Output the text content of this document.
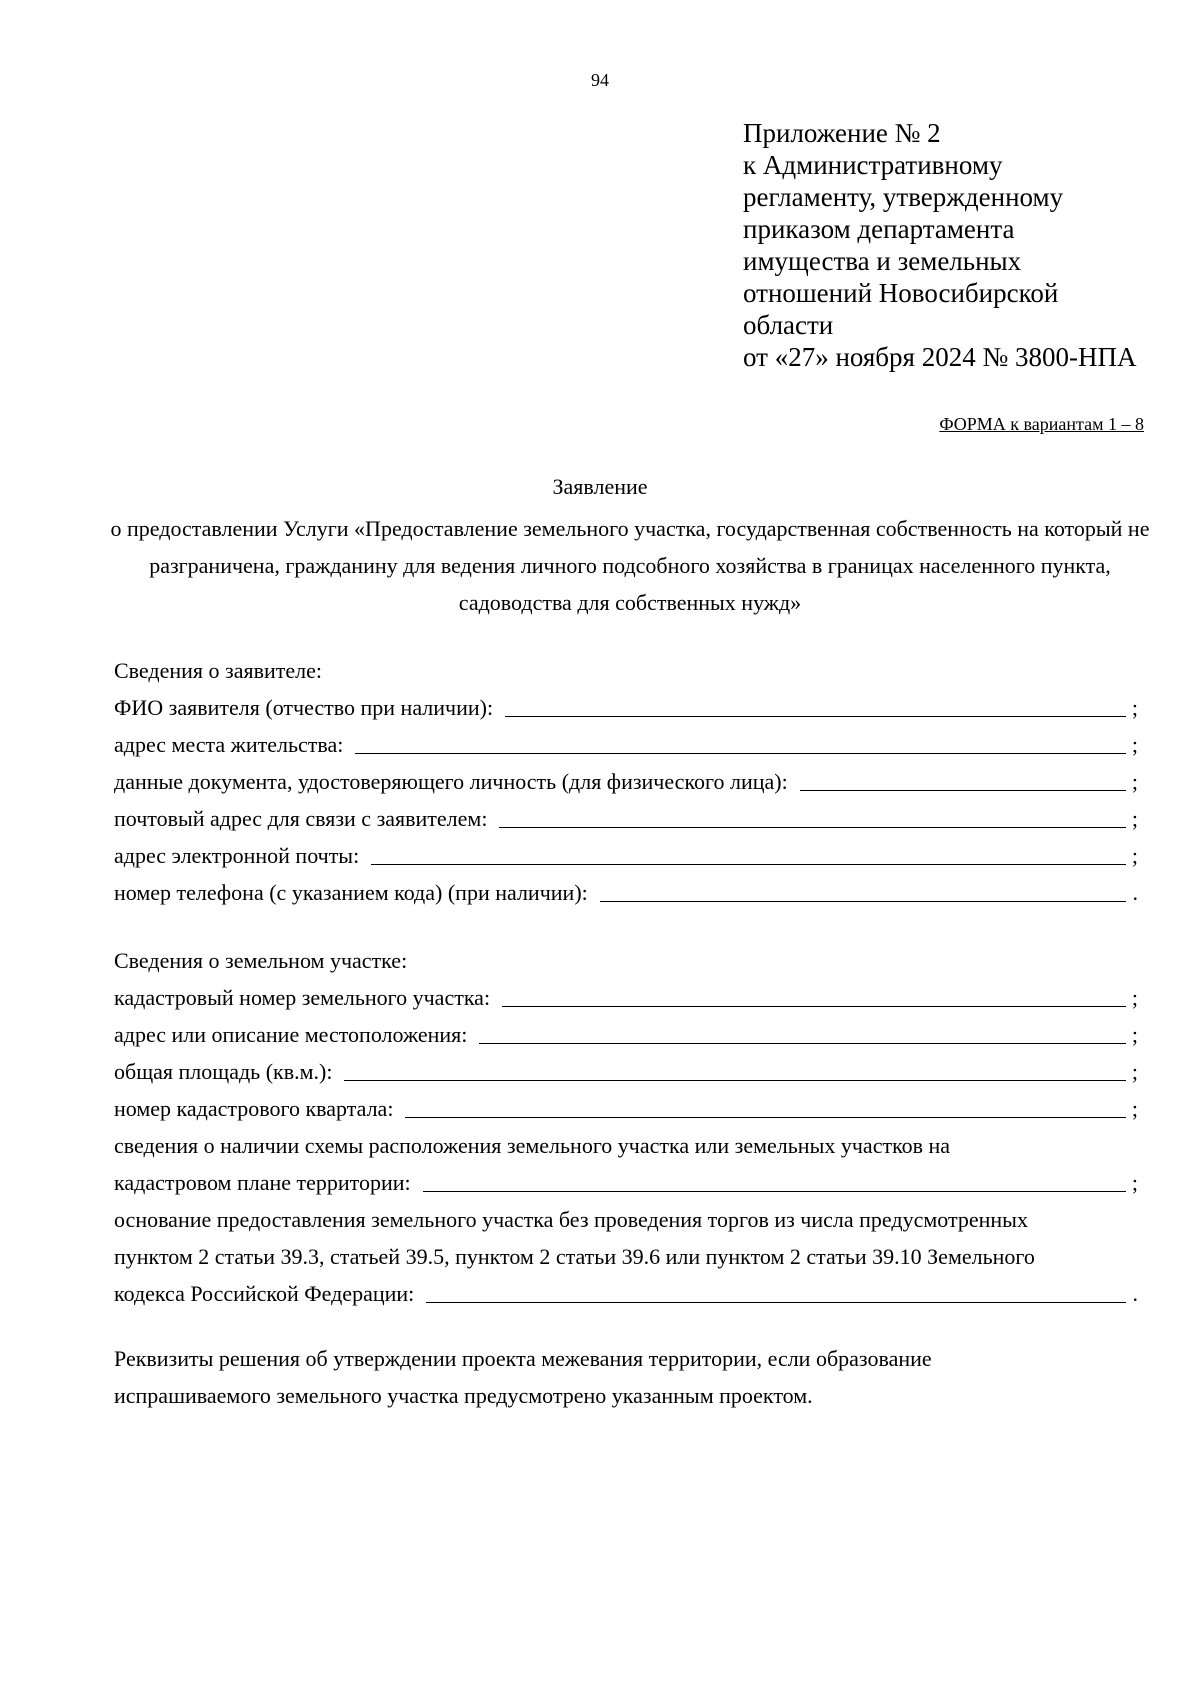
94
Приложение № 2
к Административному
регламенту, утвержденному
приказом департамента
имущества и земельных
отношений Новосибирской
области
от «27» ноября 2024 № 3800-НПА
ФОРМА к вариантам 1 – 8
Заявление
о предоставлении Услуги «Предоставление земельного участка, государственная собственность на который не разграничена, гражданину для ведения личного подсобного хозяйства в границах населенного пункта, садоводства для собственных нужд»
Сведения о заявителе:
ФИО заявителя (отчество при наличии):	;
адрес места жительства:	;
данные документа, удостоверяющего личность (для физического лица):	;
почтовый адрес для связи с заявителем:	;
адрес электронной почты:	;
номер телефона (с указанием кода) (при наличии):	.
Сведения о земельном участке:
кадастровый номер земельного участка:	;
адрес или описание местоположения:	;
общая площадь (кв.м.):	;
номер кадастрового квартала:	;
сведения о наличии схемы расположения земельного участка или земельных участков на
кадастровом плане территории:	;
основание предоставления земельного участка без проведения торгов из числа предусмотренных
пунктом 2 статьи 39.3, статьей 39.5, пунктом 2 статьи 39.6 или пунктом 2 статьи 39.10 Земельного
кодекса Российской Федерации:	.
Реквизиты решения об утверждении проекта межевания территории, если образование
испрашиваемого земельного участка предусмотрено указанным проектом.
